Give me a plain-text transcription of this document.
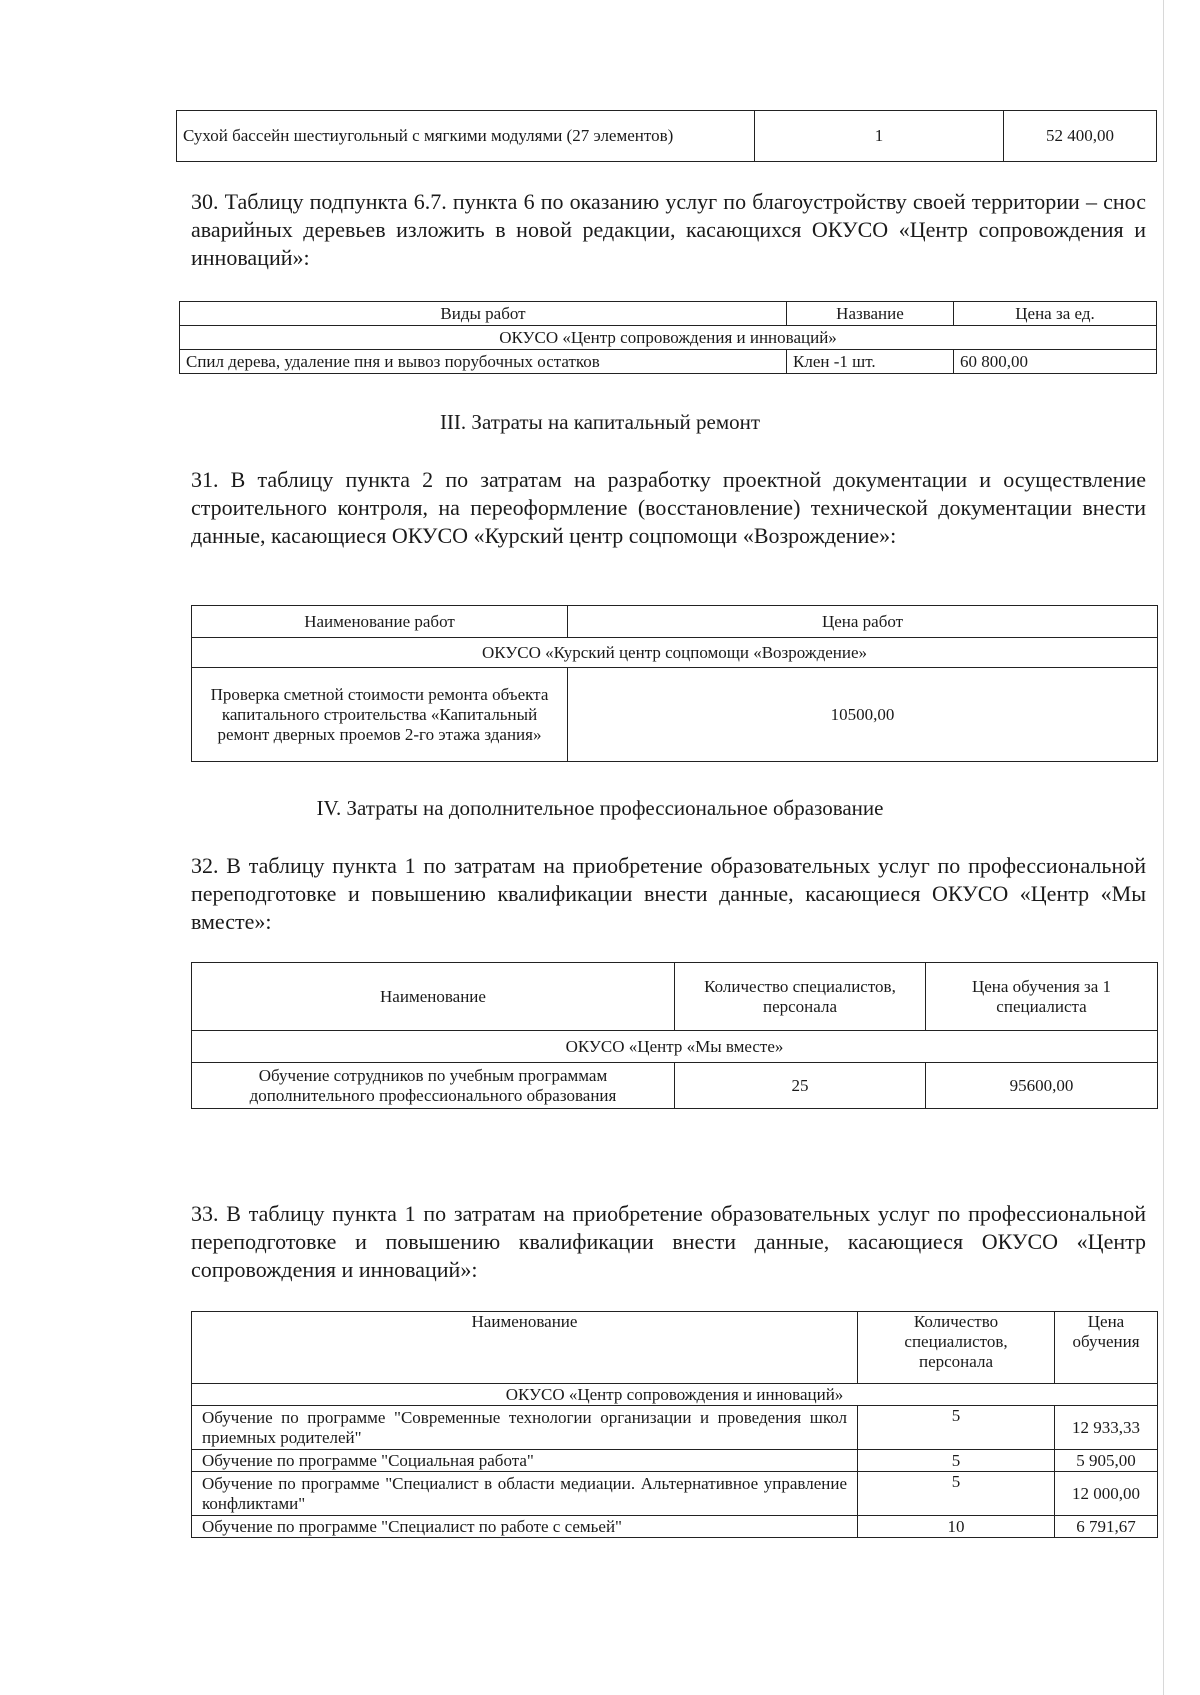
Сухой бассейн шестиугольный с мягкими модулями (27 элементов)	1	52 400,00

30. Таблицу подпункта 6.7. пункта 6 по оказанию услуг по благоустройству своей территории – снос аварийных деревьев изложить в новой редакции, касающихся ОКУСО «Центр сопровождения и инноваций»:

Виды работ	Название	Цена за ед.
ОКУСО «Центр сопровождения и инноваций»		
Спил дерева, удаление пня и вывоз порубочных остатков	Клен -1 шт.	60 800,00

III. Затраты на капитальный ремонт

31. В таблицу пункта 2 по затратам на разработку проектной документации и осуществление строительного контроля, на переоформление (восстановление) технической документации внести данные, касающиеся ОКУСО «Курский центр соцпомощи «Возрождение»:

Наименование работ	Цена работ
ОКУСО «Курский центр соцпомощи «Возрождение»	
Проверка сметной стоимости ремонта объекта капитального строительства «Капитальный ремонт дверных проемов 2-го этажа здания»	10500,00

IV. Затраты на дополнительное профессиональное образование

32. В таблицу пункта 1 по затратам на приобретение образовательных услуг по профессиональной переподготовке и повышению квалификации внести данные, касающиеся ОКУСО «Центр «Мы вместе»:

Наименование	Количество специалистов, персонала	Цена обучения за 1 специалиста
ОКУСО «Центр «Мы вместе»		
Обучение сотрудников по учебным программам дополнительного профессионального образования	25	95600,00

33. В таблицу пункта 1 по затратам на приобретение образовательных услуг по профессиональной переподготовке и повышению квалификации внести данные, касающиеся ОКУСО «Центр сопровождения и инноваций»:

Наименование	Количество специалистов, персонала	Цена обучения
ОКУСО «Центр сопровождения и инноваций»		
Обучение по программе "Современные технологии организации и проведения школ приемных родителей"	5	12 933,33
Обучение по программе "Социальная работа"	5	5 905,00
Обучение по программе "Специалист в области медиации. Альтернативное управление конфликтами"	5	12 000,00
Обучение по программе "Специалист по работе с семьей"	10	6 791,67
